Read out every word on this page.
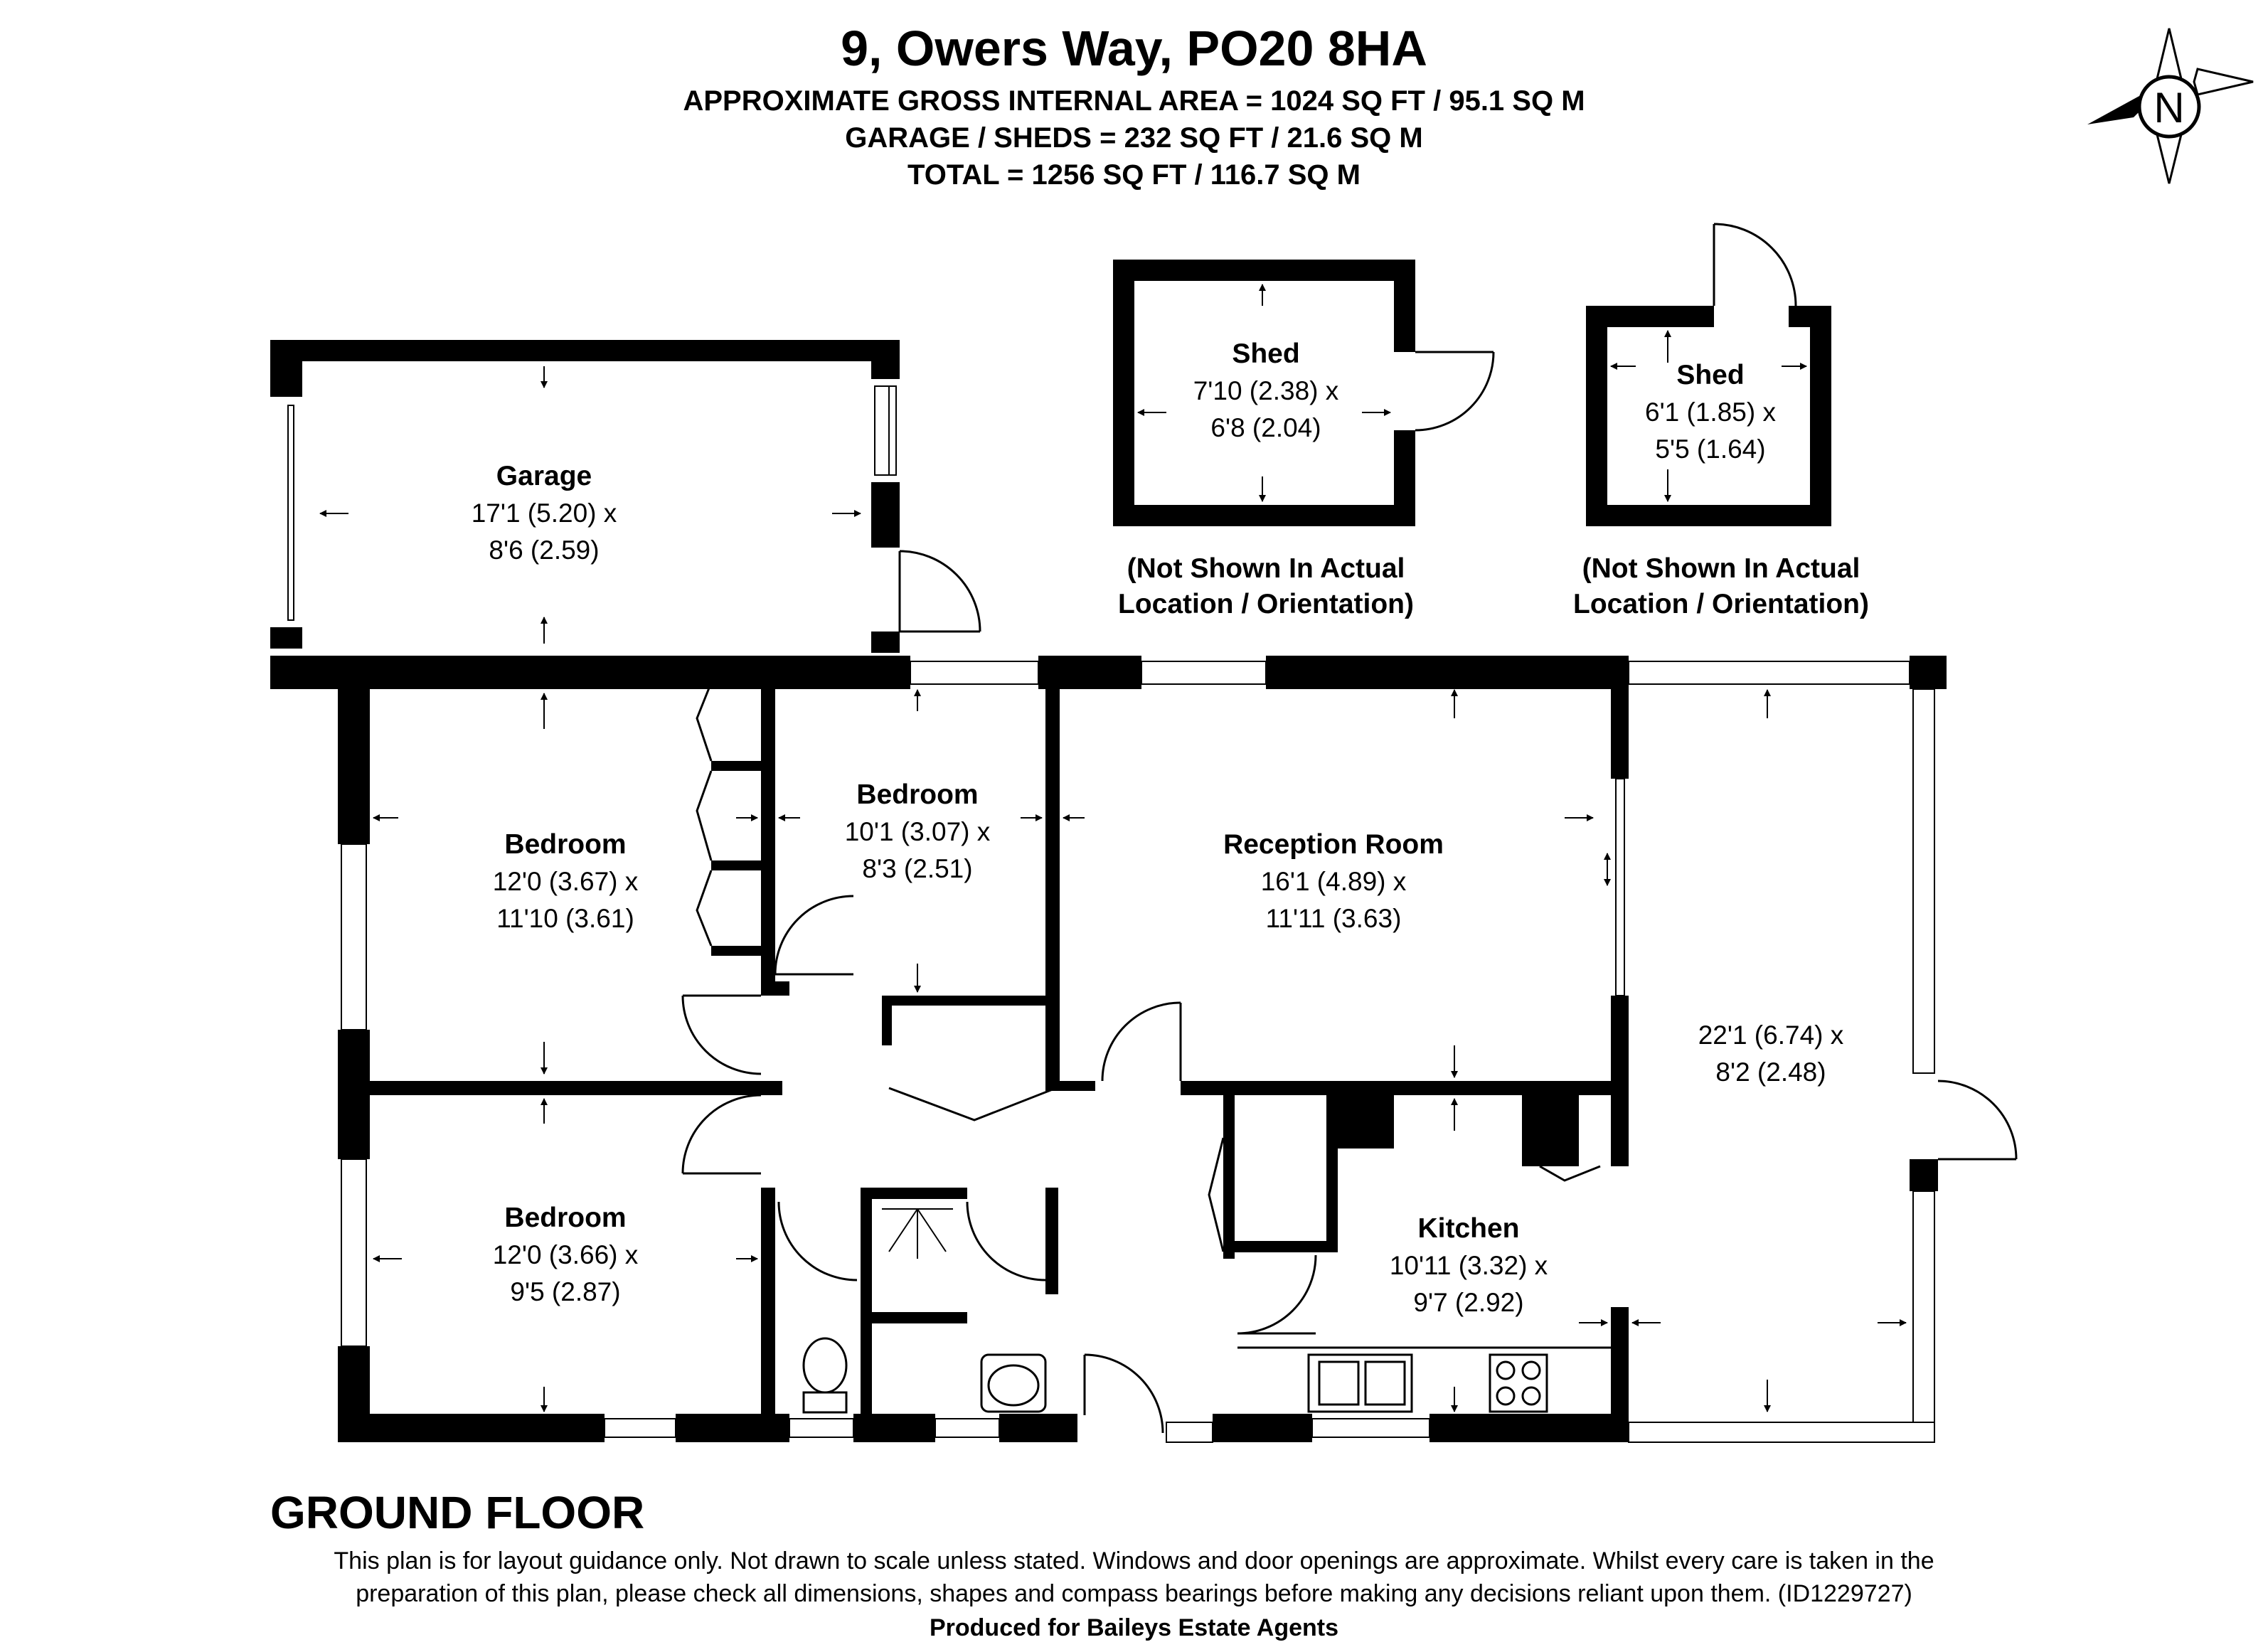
9, Owers Way, PO20 8HA
APPROXIMATE GROSS INTERNAL AREA = 1024 SQ FT / 95.1 SQ M
GARAGE / SHEDS = 232 SQ FT / 21.6 SQ M
TOTAL = 1256 SQ FT / 116.7 SQ M
N
Garage
17'1 (5.20) x
8'6 (2.59)
Bedroom
12'0 (3.67) x
11'10 (3.61)
Bedroom
10'1 (3.07) x
8'3 (2.51)
Reception Room
16'1 (4.89) x
11'11 (3.63)
Bedroom
12'0 (3.66) x
9'5 (2.87)
Kitchen
10'11 (3.32) x
9'7 (2.92)
22'1 (6.74) x
8'2 (2.48)
Shed
7'10 (2.38) x
6'8 (2.04)
Shed
6'1 (1.85) x
5'5 (1.64)
(Not Shown In Actual
Location / Orientation)
(Not Shown In Actual
Location / Orientation)
GROUND FLOOR
This plan is for layout guidance only. Not drawn to scale unless stated. Windows and door openings are approximate. Whilst every care is taken in the
preparation of this plan, please check all dimensions, shapes and compass bearings before making any decisions reliant upon them. (ID1229727)
Produced for Baileys Estate Agents
